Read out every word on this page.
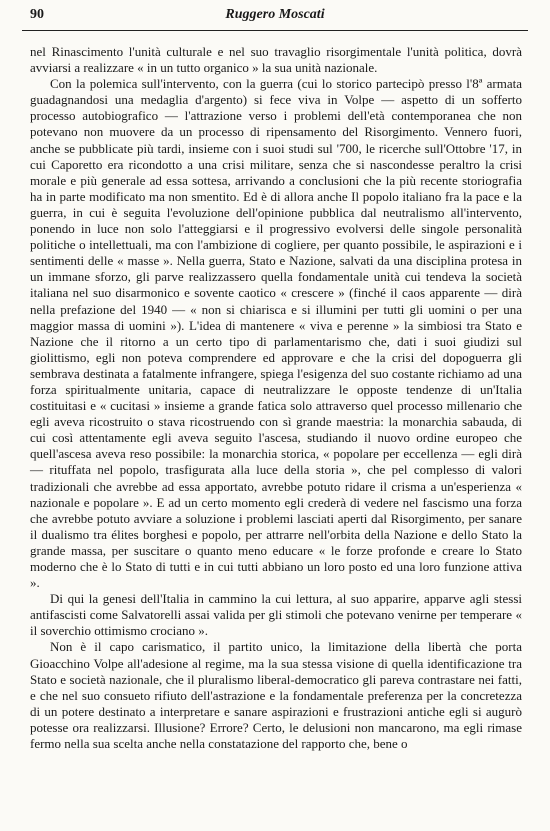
90	Ruggero Moscati

nel Rinascimento l'unità culturale e nel suo travaglio risorgimentale l'unità politica, dovrà avviarsi a realizzare « in un tutto organico » la sua unità nazionale.

Con la polemica sull'intervento, con la guerra (cui lo storico partecipò presso l'8ª armata guadagnandosi una medaglia d'argento) si fece viva in Volpe — aspetto di un sofferto processo autobiografico — l'attrazione verso i problemi dell'età contemporanea che non potevano non muovere da un processo di ripensamento del Risorgimento. Vennero fuori, anche se pubblicate più tardi, insieme con i suoi studi sul '700, le ricerche sull'Ottobre '17, in cui Caporetto era ricondotto a una crisi militare, senza che si nascondesse peraltro la crisi morale e più generale ad essa sottesa, arrivando a conclusioni che la più recente storiografia ha in parte modificato ma non smentito. Ed è di allora anche Il popolo italiano fra la pace e la guerra, in cui è seguita l'evoluzione dell'opinione pubblica dal neutralismo all'intervento, ponendo in luce non solo l'atteggiarsi e il progressivo evolversi delle singole personalità politiche o intellettuali, ma con l'ambizione di cogliere, per quanto possibile, le aspirazioni e i sentimenti delle « masse ». Nella guerra, Stato e Nazione, salvati da una disciplina protesa in un immane sforzo, gli parve realizzassero quella fondamentale unità cui tendeva la società italiana nel suo disarmonico e sovente caotico « crescere » (finché il caos apparente — dirà nella prefazione del 1940 — « non si chiarisca e si illumini per tutti gli uomini o per una maggior massa di uomini »). L'idea di mantenere « viva e perenne » la simbiosi tra Stato e Nazione che il ritorno a un certo tipo di parlamentarismo che, dati i suoi giudizi sul giolittismo, egli non poteva comprendere ed approvare e che la crisi del dopoguerra gli sembrava destinata a fatalmente infrangere, spiega l'esigenza del suo costante richiamo ad una forza spiritualmente unitaria, capace di neutralizzare le opposte tendenze di un'Italia costituitasi e « cucitasi » insieme a grande fatica solo attraverso quel processo millenario che egli aveva ricostruito o stava ricostruendo con sì grande maestria: la monarchia sabauda, di cui così attentamente egli aveva seguito l'ascesa, studiando il nuovo ordine europeo che quell'ascesa aveva reso possibile: la monarchia storica, « popolare per eccellenza — egli dirà — rituffata nel popolo, trasfigurata alla luce della storia », che pel complesso di valori tradizionali che avrebbe ad essa apportato, avrebbe potuto ridare il crisma a un'esperienza « nazionale e popolare ». E ad un certo momento egli crederà di vedere nel fascismo una forza che avrebbe potuto avviare a soluzione i problemi lasciati aperti dal Risorgimento, per sanare il dualismo tra élites borghesi e popolo, per attrarre nell'orbita della Nazione e dello Stato la grande massa, per suscitare o quanto meno educare « le forze profonde e creare lo Stato moderno che è lo Stato di tutti e in cui tutti abbiano un loro posto ed una loro funzione attiva ».

Di qui la genesi dell'Italia in cammino la cui lettura, al suo apparire, apparve agli stessi antifascisti come Salvatorelli assai valida per gli stimoli che potevano venirne per temperare « il soverchio ottimismo crociano ».

Non è il capo carismatico, il partito unico, la limitazione della libertà che porta Gioacchino Volpe all'adesione al regime, ma la sua stessa visione di quella identificazione tra Stato e società nazionale, che il pluralismo liberal-democratico gli pareva contrastare nei fatti, e che nel suo consueto rifiuto dell'astrazione e la fondamentale preferenza per la concretezza di un potere destinato a interpretare e sanare aspirazioni e frustrazioni antiche egli si augurò potesse ora realizzarsi. Illusione? Errore? Certo, le delusioni non mancarono, ma egli rimase fermo nella sua scelta anche nella constatazione del rapporto che, bene o
